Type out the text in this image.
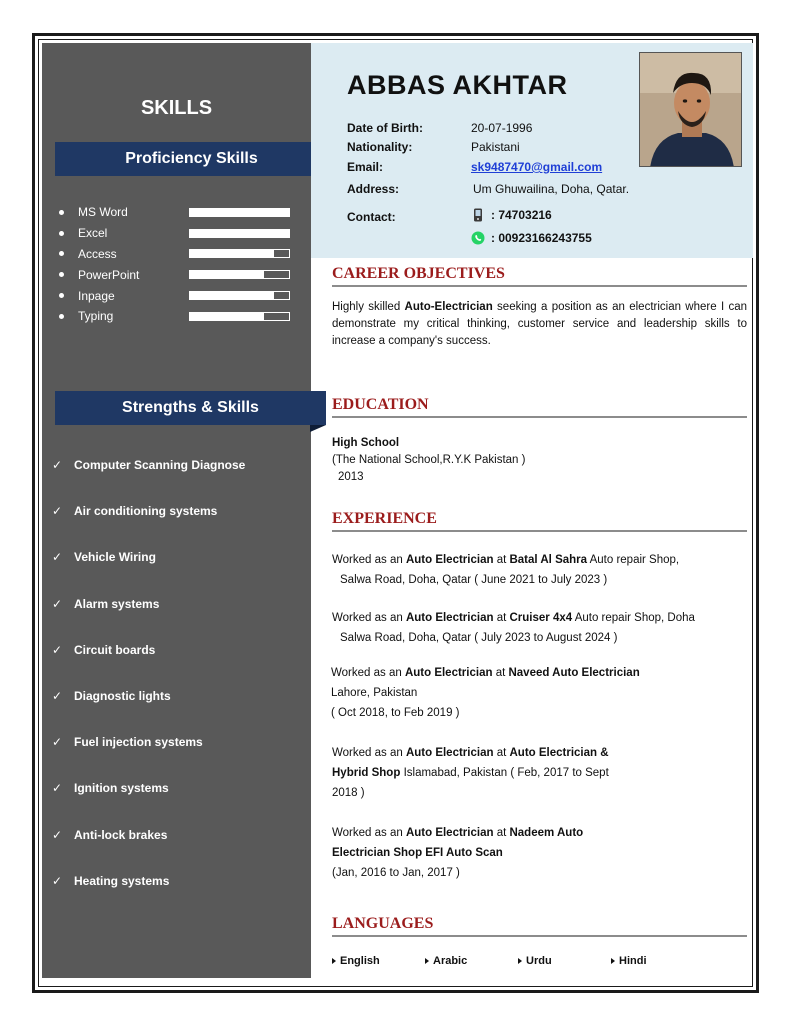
SKILLS
Proficiency Skills
MS Word
Excel
Access
PowerPoint
Inpage
Typing
Strengths & Skills
✓ Computer Scanning Diagnose
✓ Air conditioning systems
✓ Vehicle Wiring
✓ Alarm systems
✓ Circuit boards
✓ Diagnostic lights
✓ Fuel injection systems
✓ Ignition systems
✓ Anti-lock brakes
✓ Heating systems
ABBAS AKHTAR
Date of Birth:	20-07-1996
Nationality:	Pakistani
Email:	sk9487470@gmail.com
Address:	Um Ghuwailina, Doha, Qatar.
Contact:	: 74703216
: 00923166243755
CAREER OBJECTIVES
Highly skilled Auto-Electrician seeking a position as an electrician where I can demonstrate my critical thinking, customer service and leadership skills to increase a company's success.
EDUCATION
High School
(The National School,R.Y.K Pakistan )
2013
EXPERIENCE
Worked as an Auto Electrician at Batal Al Sahra Auto repair Shop,
Salwa Road, Doha, Qatar ( June 2021 to July 2023 )
Worked as an Auto Electrician at Cruiser 4x4 Auto repair Shop, Doha
Salwa Road, Doha, Qatar ( July 2023 to August 2024 )
Worked as an Auto Electrician at Naveed Auto Electrician
Lahore, Pakistan
( Oct 2018, to Feb 2019 )
Worked as an Auto Electrician at Auto Electrician &
Hybrid Shop Islamabad, Pakistan ( Feb, 2017 to Sept
2018 )
Worked as an Auto Electrician at Nadeem Auto
Electrician Shop EFI Auto Scan
(Jan, 2016 to Jan, 2017 )
LANGUAGES
English	Arabic	Urdu	Hindi
